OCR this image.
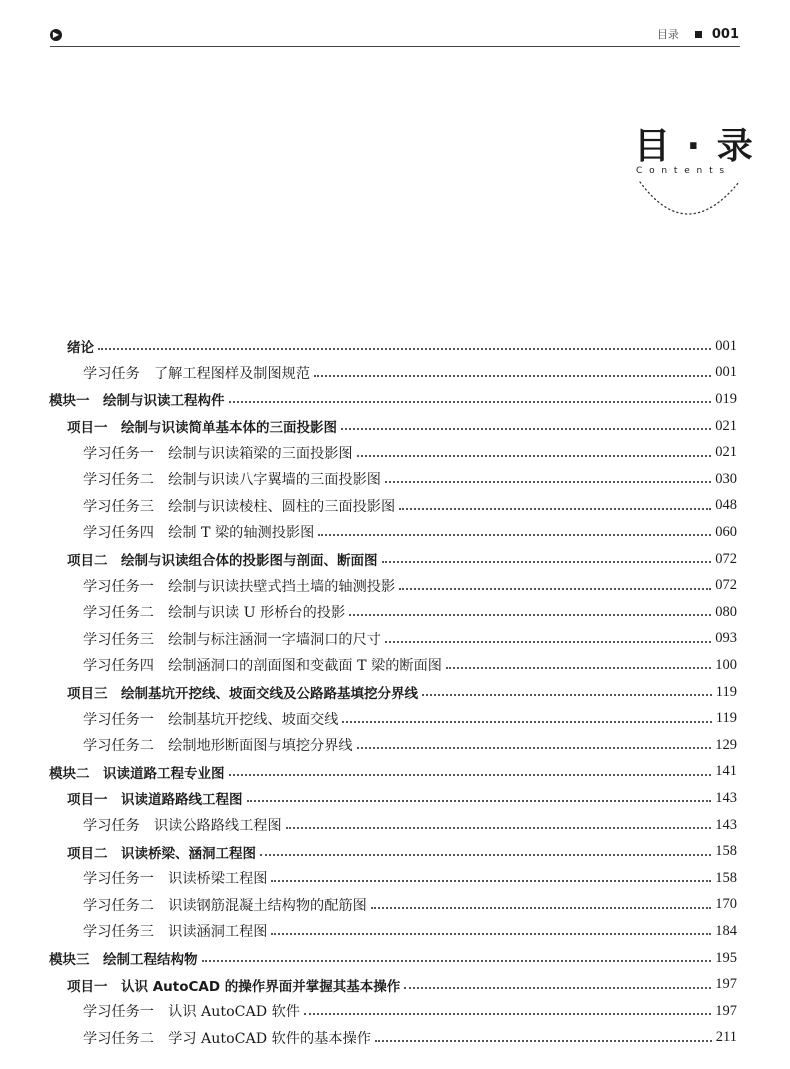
▶	目录	001
目 · 录
Contents
绪论	001
学习任务　了解工程图样及制图规范	001
模块一　绘制与识读工程构件	019
项目一　绘制与识读简单基本体的三面投影图	021
学习任务一　绘制与识读箱梁的三面投影图	021
学习任务二　绘制与识读八字翼墙的三面投影图	030
学习任务三　绘制与识读棱柱、圆柱的三面投影图	048
学习任务四　绘制 T 梁的轴测投影图	060
项目二　绘制与识读组合体的投影图与剖面、断面图	072
学习任务一　绘制与识读扶壁式挡土墙的轴测投影	072
学习任务二　绘制与识读 U 形桥台的投影	080
学习任务三　绘制与标注涵洞一字墙洞口的尺寸	093
学习任务四　绘制涵洞口的剖面图和变截面 T 梁的断面图	100
项目三　绘制基坑开挖线、坡面交线及公路路基填挖分界线	119
学习任务一　绘制基坑开挖线、坡面交线	119
学习任务二　绘制地形断面图与填挖分界线	129
模块二　识读道路工程专业图	141
项目一　识读道路路线工程图	143
学习任务　识读公路路线工程图	143
项目二　识读桥梁、涵洞工程图	158
学习任务一　识读桥梁工程图	158
学习任务二　识读钢筋混凝土结构物的配筋图	170
学习任务三　识读涵洞工程图	184
模块三　绘制工程结构物	195
项目一　认识 AutoCAD 的操作界面并掌握其基本操作	197
学习任务一　认识 AutoCAD 软件	197
学习任务二　学习 AutoCAD 软件的基本操作	211
